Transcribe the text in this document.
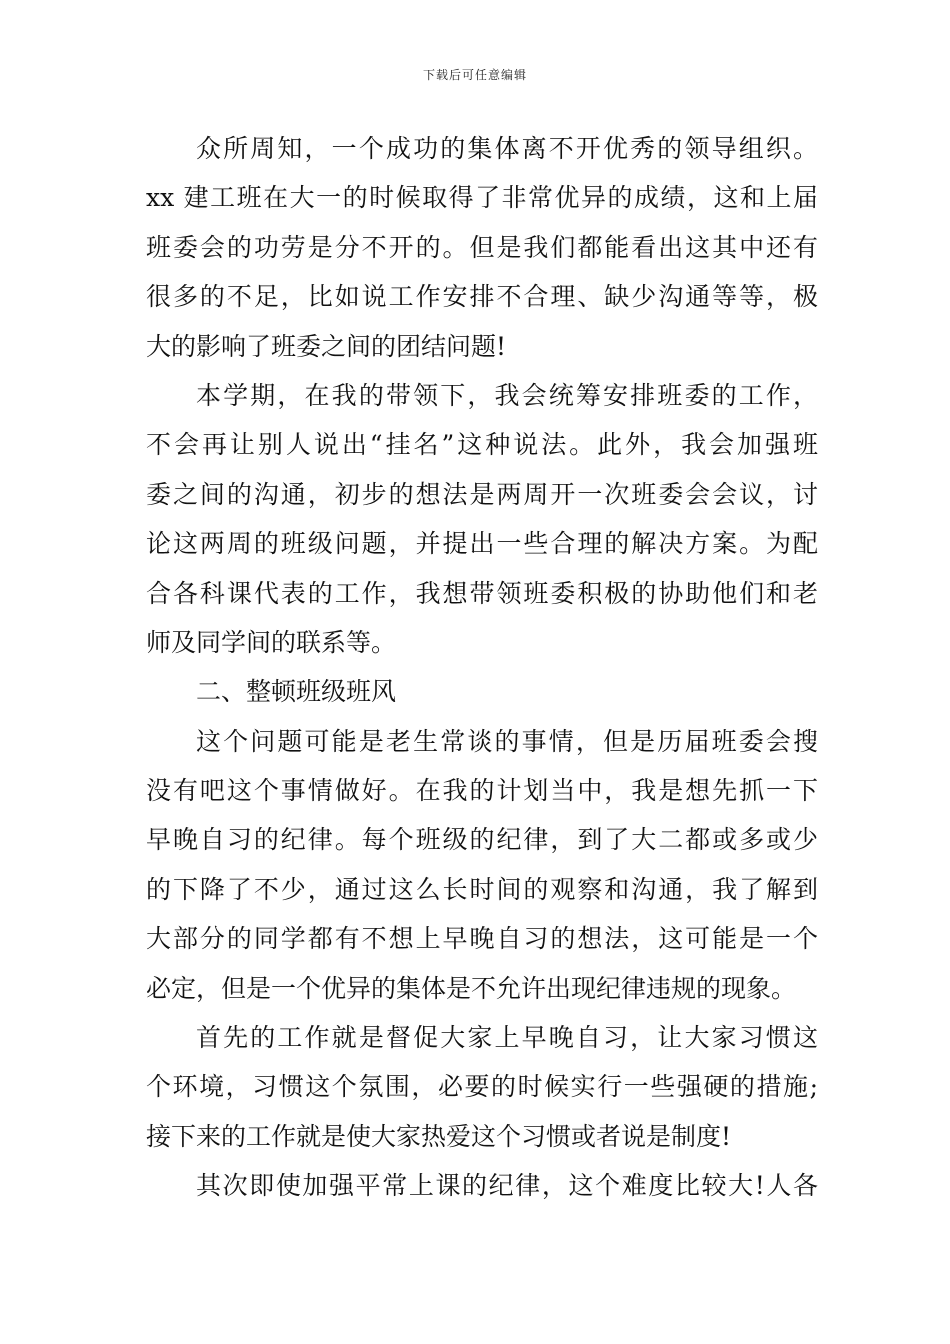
下载后可任意编辑
众所周知，一个成功的集体离不开优秀的领导组织。
xx 建工班在大一的时候取得了非常优异的成绩，这和上届
班委会的功劳是分不开的。但是我们都能看出这其中还有
很多的不足，比如说工作安排不合理、缺少沟通等等，极
大的影响了班委之间的团结问题!
本学期，在我的带领下，我会统筹安排班委的工作，
不会再让别人说出“挂名”这种说法。此外，我会加强班
委之间的沟通，初步的想法是两周开一次班委会会议，讨
论这两周的班级问题，并提出一些合理的解决方案。为配
合各科课代表的工作，我想带领班委积极的协助他们和老
师及同学间的联系等。
二、整顿班级班风
这个问题可能是老生常谈的事情，但是历届班委会搜
没有吧这个事情做好。在我的计划当中，我是想先抓一下
早晚自习的纪律。每个班级的纪律，到了大二都或多或少
的下降了不少，通过这么长时间的观察和沟通，我了解到
大部分的同学都有不想上早晚自习的想法，这可能是一个
必定，但是一个优异的集体是不允许出现纪律违规的现象。
首先的工作就是督促大家上早晚自习，让大家习惯这
个环境，习惯这个氛围，必要的时候实行一些强硬的措施;
接下来的工作就是使大家热爱这个习惯或者说是制度!
其次即使加强平常上课的纪律，这个难度比较大!人各
